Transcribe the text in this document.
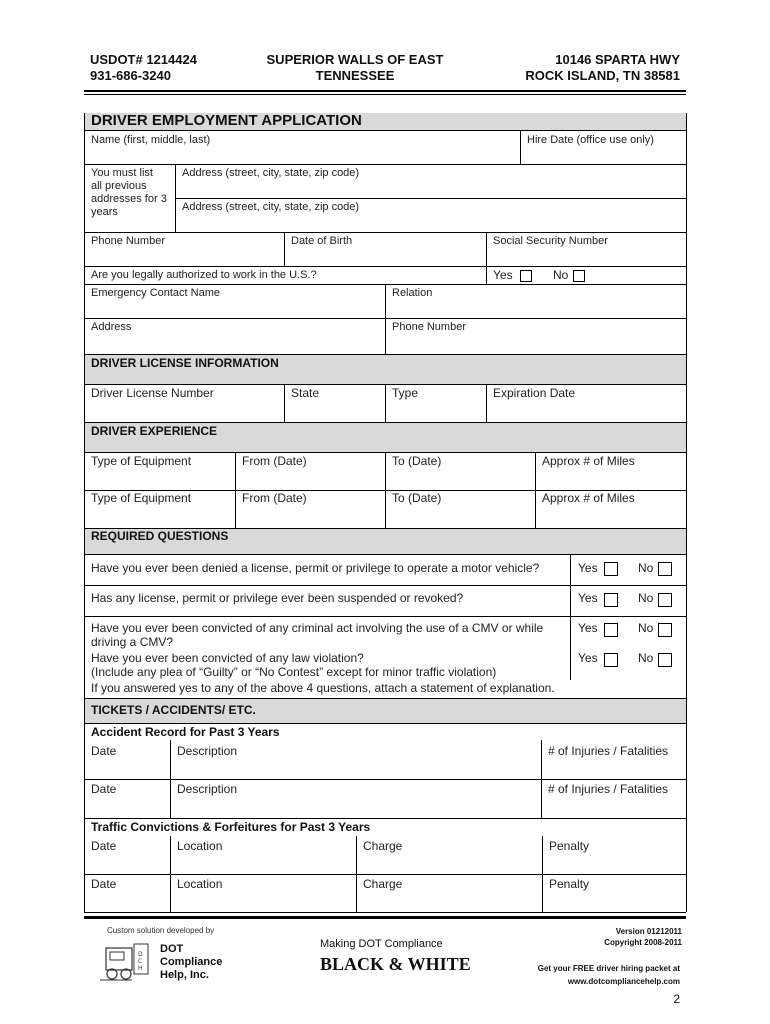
USDOT# 1214424
931-686-3240
SUPERIOR WALLS OF EAST
TENNESSEE
10146 SPARTA HWY
ROCK ISLAND, TN 38581
DRIVER EMPLOYMENT APPLICATION
Name (first, middle, last)	Hire Date (office use only)
You must list
all previous
addresses for 3
years
Address (street, city, state, zip code)
Address (street, city, state, zip code)
Phone Number	Date of Birth	Social Security Number
Are you legally authorized to work in the U.S.?	Yes	No
Emergency Contact Name	Relation
Address	Phone Number
DRIVER LICENSE INFORMATION
Driver License Number	State	Type	Expiration Date
DRIVER EXPERIENCE
Type of Equipment	From (Date)	To (Date)	Approx # of Miles
Type of Equipment	From (Date)	To (Date)	Approx # of Miles
REQUIRED QUESTIONS
Have you ever been denied a license, permit or privilege to operate a motor vehicle?	Yes	No
Has any license, permit or privilege ever been suspended or revoked?	Yes	No
Have you ever been convicted of any criminal act involving the use of a CMV or while
driving a CMV?
Yes	No
Have you ever been convicted of any law violation?
(Include any plea of “Guilty” or “No Contest” except for minor traffic violation)
Yes	No
If you answered yes to any of the above 4 questions, attach a statement of explanation.
TICKETS / ACCIDENTS/ ETC.
Accident Record for Past 3 Years
Date	Description	# of Injuries / Fatalities
Date	Description	# of Injuries / Fatalities
Traffic Convictions & Forfeitures for Past 3 Years
Date	Location	Charge	Penalty
Date	Location	Charge	Penalty
Custom solution developed by
D
C
H
DOT
Compliance
Help, Inc.
Making DOT Compliance
BLACK & WHITE
Version 01212011
Copyright 2008-2011
Get your FREE driver hiring packet at
www.dotcompliancehelp.com
2
